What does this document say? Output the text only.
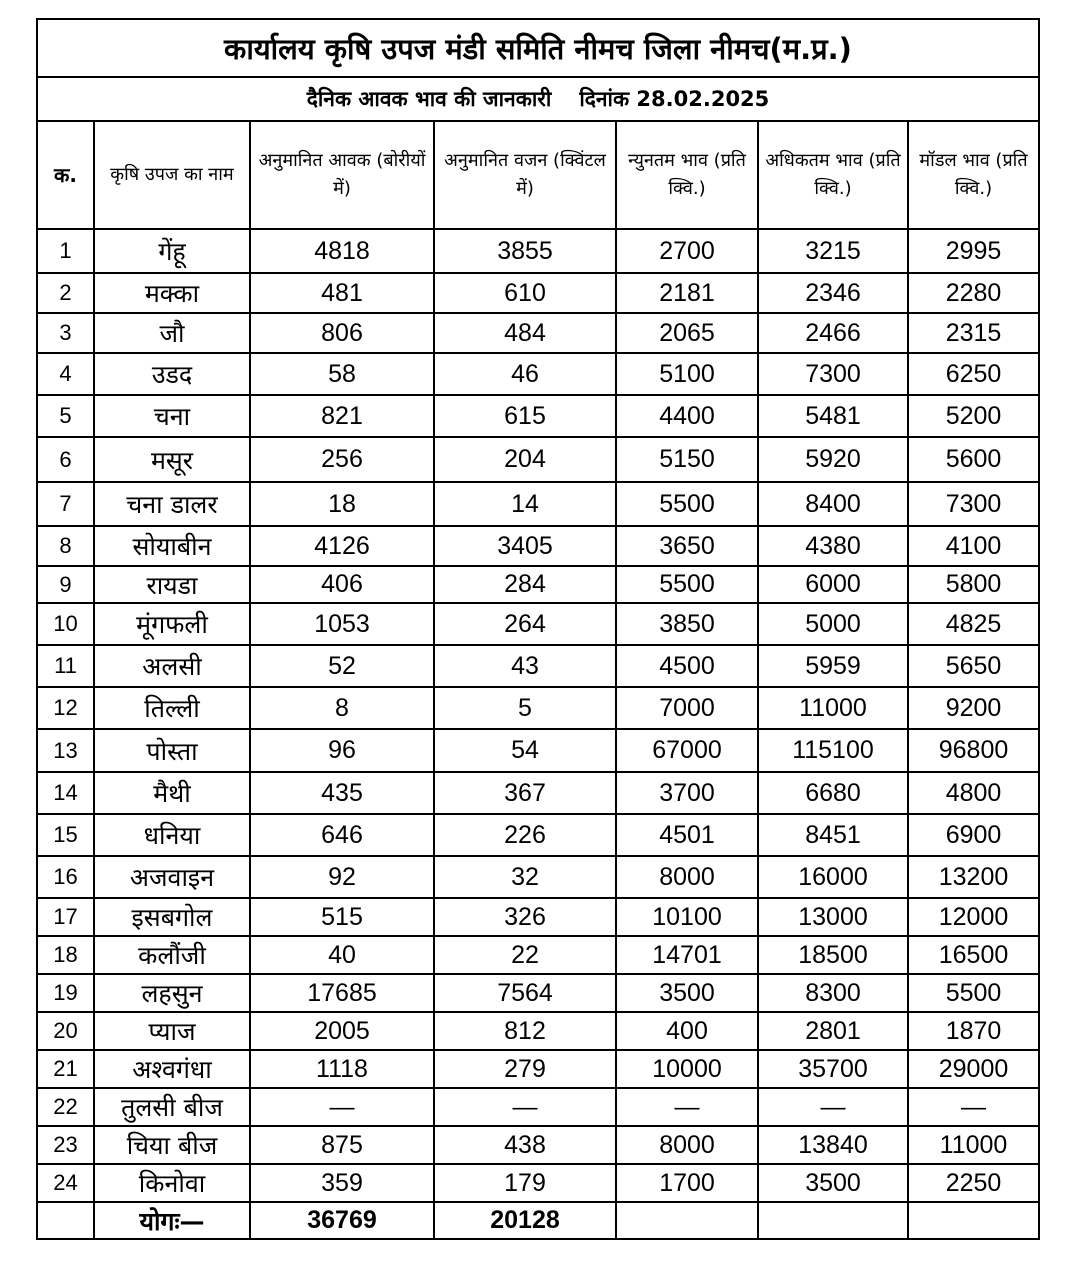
कार्यालय कृषि उपज मंडी समिति नीमच जिला नीमच(म.प्र.)
दैनिक आवक भाव की जानकारी दिनांक 28.02.2025
क.	कृषि उपज का नाम	अनुमानित आवक (बोरीयों में)	अनुमानित वजन (क्विंटल में)	न्युनतम भाव (प्रति क्वि.)	अधिकतम भाव (प्रति क्वि.)	मॉडल भाव (प्रति क्वि.)
1	गेंहू	4818	3855	2700	3215	2995
2	मक्का	481	610	2181	2346	2280
3	जौ	806	484	2065	2466	2315
4	उडद	58	46	5100	7300	6250
5	चना	821	615	4400	5481	5200
6	मसूर	256	204	5150	5920	5600
7	चना डालर	18	14	5500	8400	7300
8	सोयाबीन	4126	3405	3650	4380	4100
9	रायडा	406	284	5500	6000	5800
10	मूंगफली	1053	264	3850	5000	4825
11	अलसी	52	43	4500	5959	5650
12	तिल्ली	8	5	7000	11000	9200
13	पोस्ता	96	54	67000	115100	96800
14	मैथी	435	367	3700	6680	4800
15	धनिया	646	226	4501	8451	6900
16	अजवाइन	92	32	8000	16000	13200
17	इसबगोल	515	326	10100	13000	12000
18	कलौंजी	40	22	14701	18500	16500
19	लहसुन	17685	7564	3500	8300	5500
20	प्याज	2005	812	400	2801	1870
21	अश्वगंधा	1118	279	10000	35700	29000
22	तुलसी बीज	—	—	—	—	—
23	चिया बीज	875	438	8000	13840	11000
24	किनोवा	359	179	1700	3500	2250
	योगः—	36769	20128			
